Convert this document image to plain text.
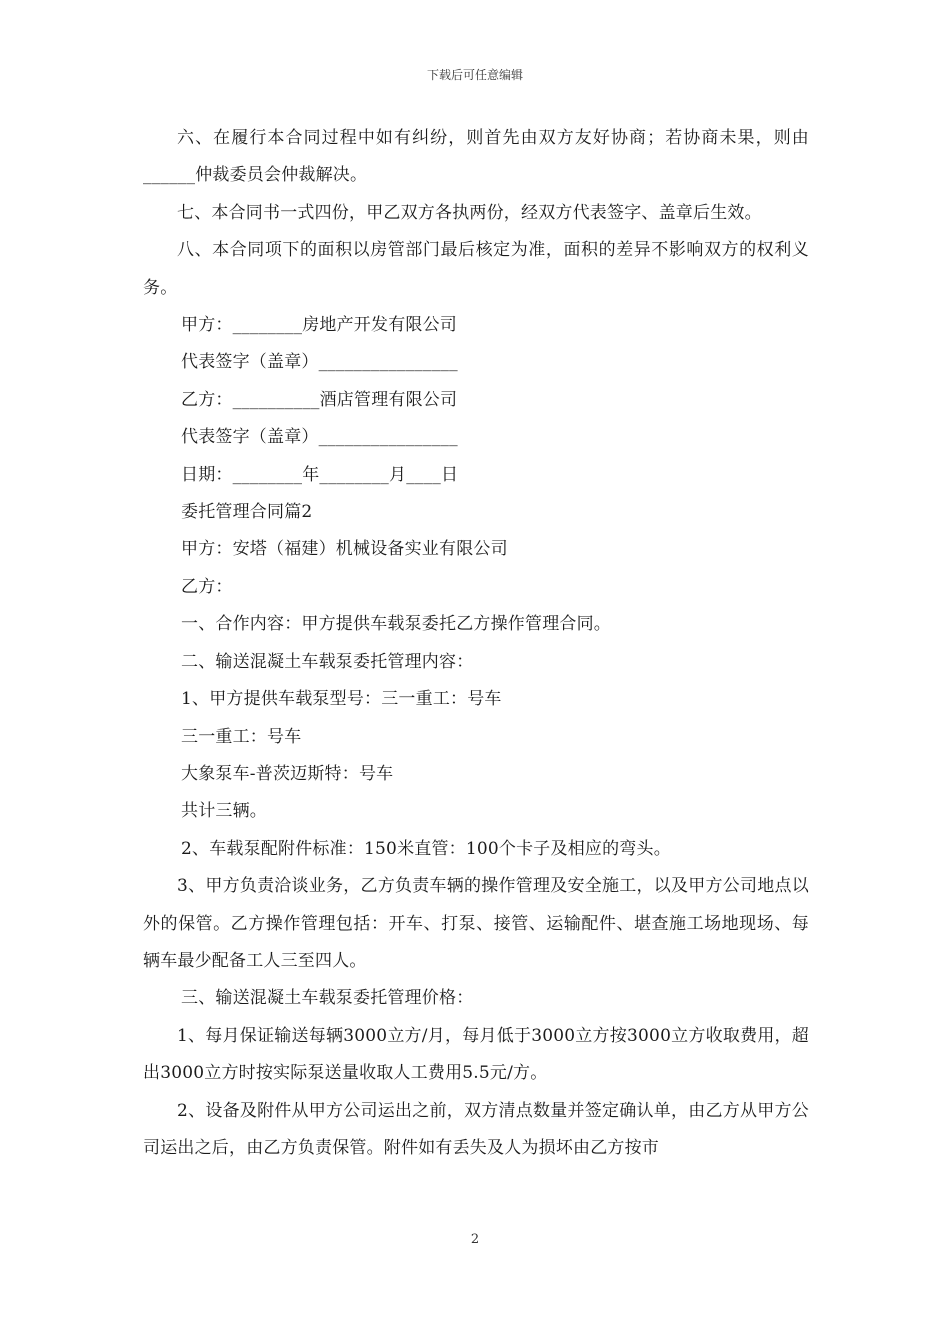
下载后可任意编辑

六、在履行本合同过程中如有纠纷，则首先由双方友好协商；若协商未果，则由______仲裁委员会仲裁解决。

七、本合同书一式四份，甲乙双方各执两份，经双方代表签字、盖章后生效。

八、本合同项下的面积以房管部门最后核定为准，面积的差异不影响双方的权利义务。

甲方：________房地产开发有限公司

代表签字（盖章）________________

乙方：__________酒店管理有限公司

代表签字（盖章）________________

日期：________年________月____日

委托管理合同篇2

甲方：安塔（福建）机械设备实业有限公司

乙方：

一、合作内容：甲方提供车载泵委托乙方操作管理合同。

二、输送混凝土车载泵委托管理内容：

1、甲方提供车载泵型号：三一重工：号车

三一重工：号车

大象泵车-普茨迈斯特：号车

共计三辆。

2、车载泵配附件标准：150米直管：100个卡子及相应的弯头。

3、甲方负责洽谈业务，乙方负责车辆的操作管理及安全施工，以及甲方公司地点以外的保管。乙方操作管理包括：开车、打泵、接管、运输配件、堪查施工场地现场、每辆车最少配备工人三至四人。

三、输送混凝土车载泵委托管理价格：

1、每月保证输送每辆3000立方/月，每月低于3000立方按3000立方收取费用，超出3000立方时按实际泵送量收取人工费用5.5元/方。

2、设备及附件从甲方公司运出之前，双方清点数量并签定确认单，由乙方从甲方公司运出之后，由乙方负责保管。附件如有丢失及人为损坏由乙方按市

2
